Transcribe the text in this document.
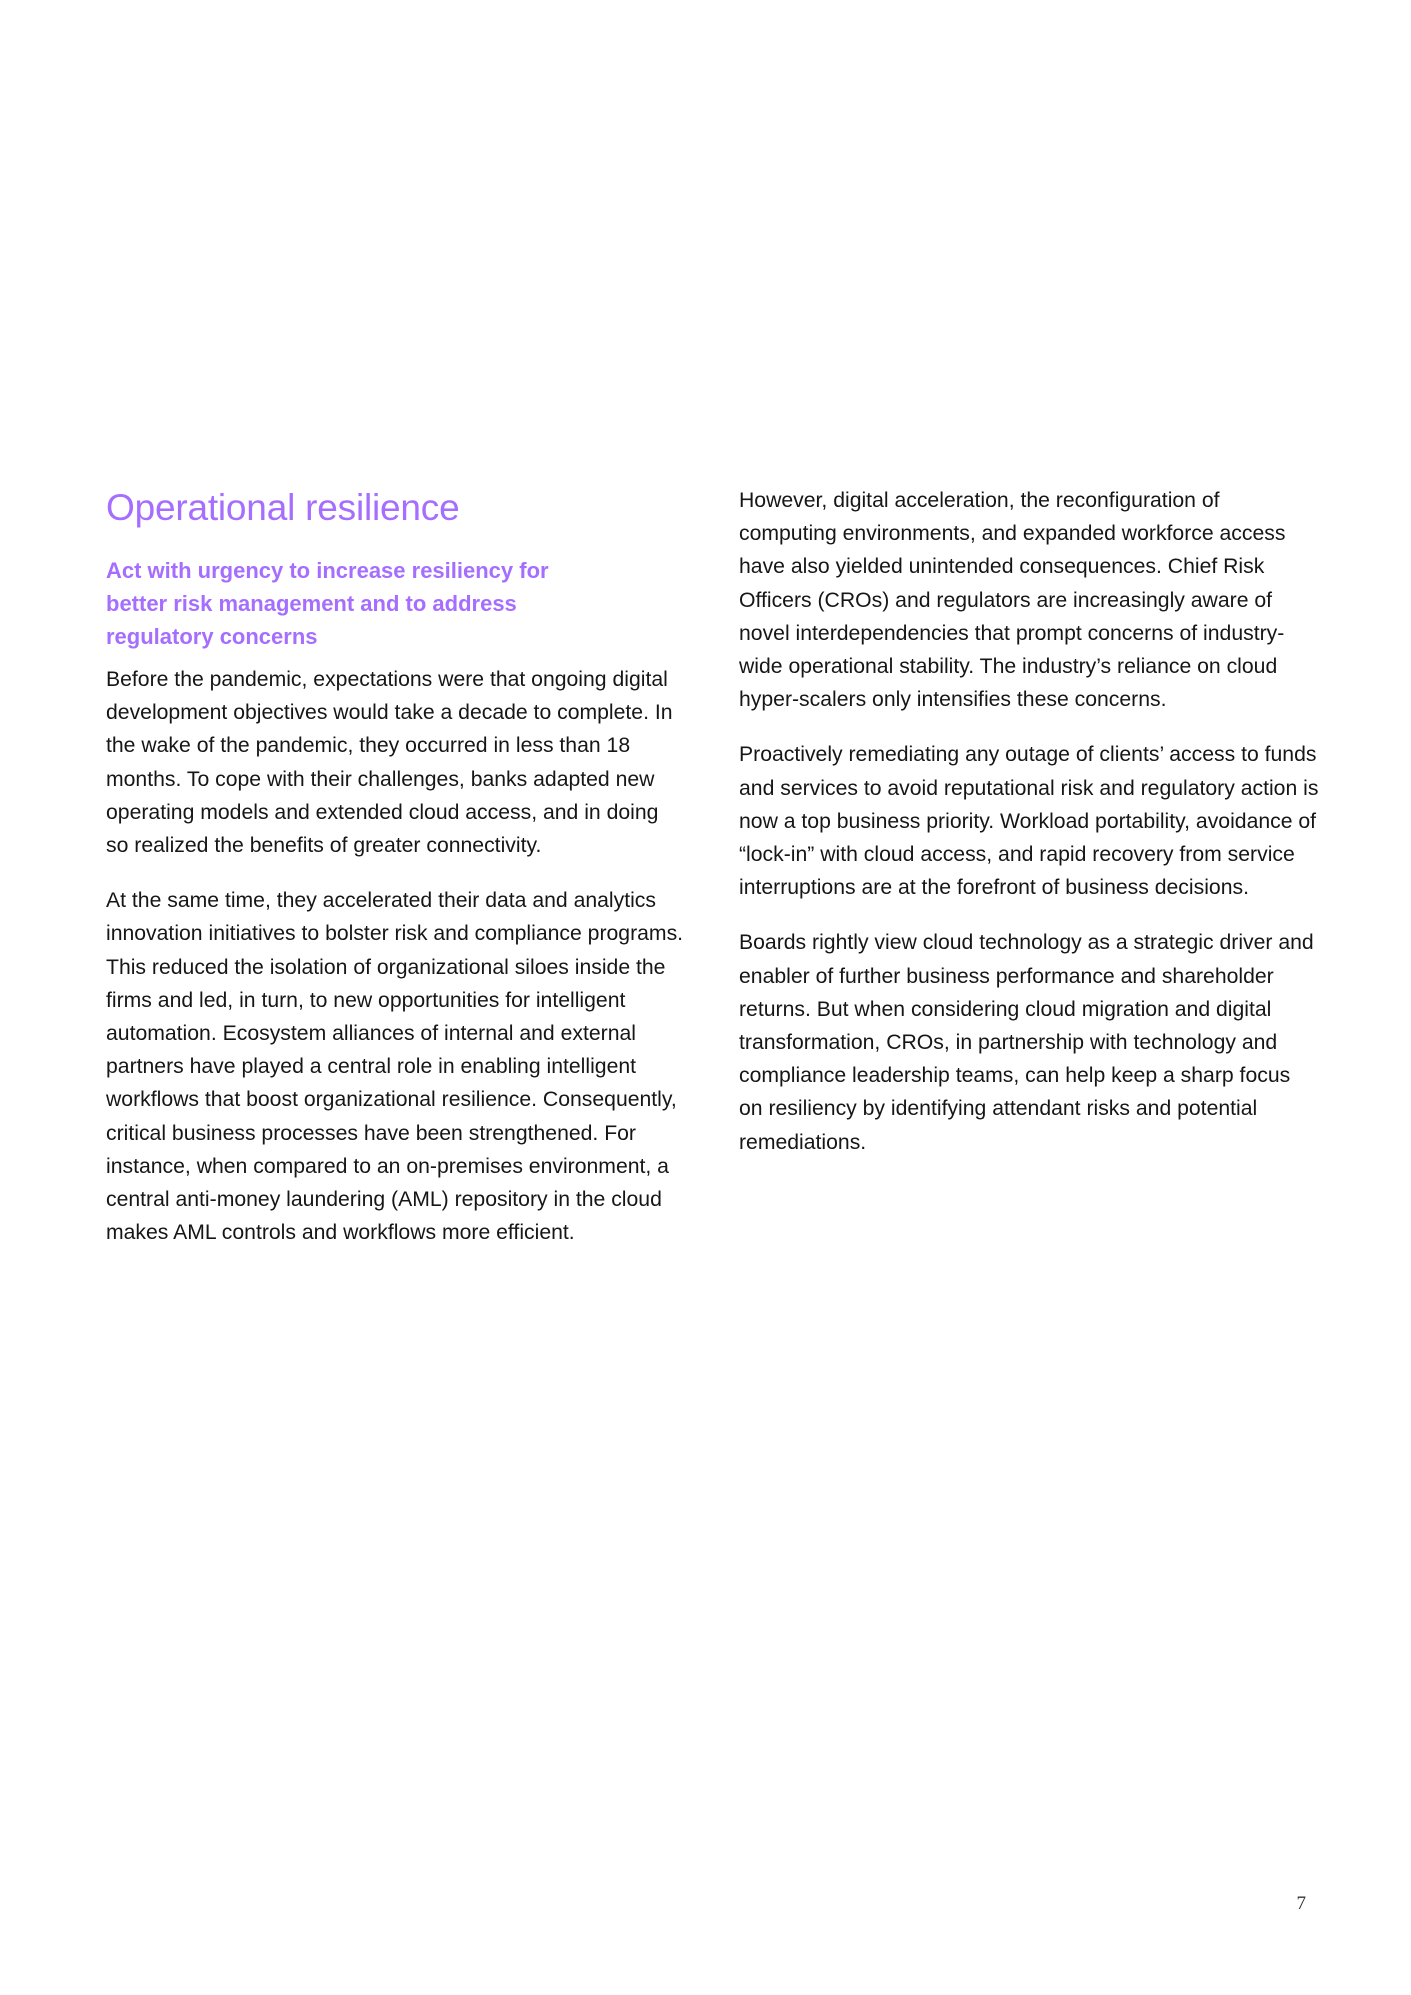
Operational resilience
Act with urgency to increase resiliency for better risk management and to address regulatory concerns

Before the pandemic, expectations were that ongoing digital development objectives would take a decade to complete. In the wake of the pandemic, they occurred in less than 18 months. To cope with their challenges, banks adapted new operating models and extended cloud access, and in doing so realized the benefits of greater connectivity.

At the same time, they accelerated their data and analytics innovation initiatives to bolster risk and compliance programs. This reduced the isolation of organizational siloes inside the firms and led, in turn, to new opportunities for intelligent automation. Ecosystem alliances of internal and external partners have played a central role in enabling intelligent workflows that boost organizational resilience. Consequently, critical business processes have been strengthened. For instance, when compared to an on-premises environment, a central anti-money laundering (AML) repository in the cloud makes AML controls and workflows more efficient.

However, digital acceleration, the reconfiguration of computing environments, and expanded workforce access have also yielded unintended consequences. Chief Risk Officers (CROs) and regulators are increasingly aware of novel interdependencies that prompt concerns of industry-wide operational stability. The industry’s reliance on cloud hyper-scalers only intensifies these concerns.

Proactively remediating any outage of clients’ access to funds and services to avoid reputational risk and regulatory action is now a top business priority. Workload portability, avoidance of “lock-in” with cloud access, and rapid recovery from service interruptions are at the forefront of business decisions.

Boards rightly view cloud technology as a strategic driver and enabler of further business performance and shareholder returns. But when considering cloud migration and digital transformation, CROs, in partnership with technology and compliance leadership teams, can help keep a sharp focus on resiliency by identifying attendant risks and potential remediations.

7
